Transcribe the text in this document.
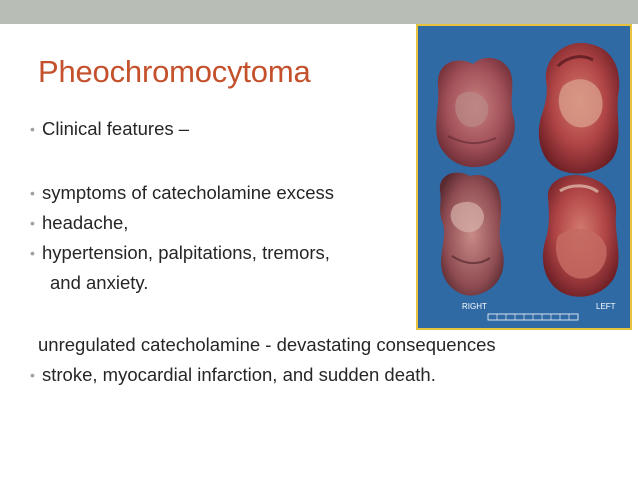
Pheochromocytoma
• Clinical features –
• symptoms of catecholamine excess
• headache,
• hypertension, palpitations, tremors,
and anxiety.
unregulated catecholamine - devastating consequences
• stroke, myocardial infarction, and sudden death.
RIGHT	LEFT
